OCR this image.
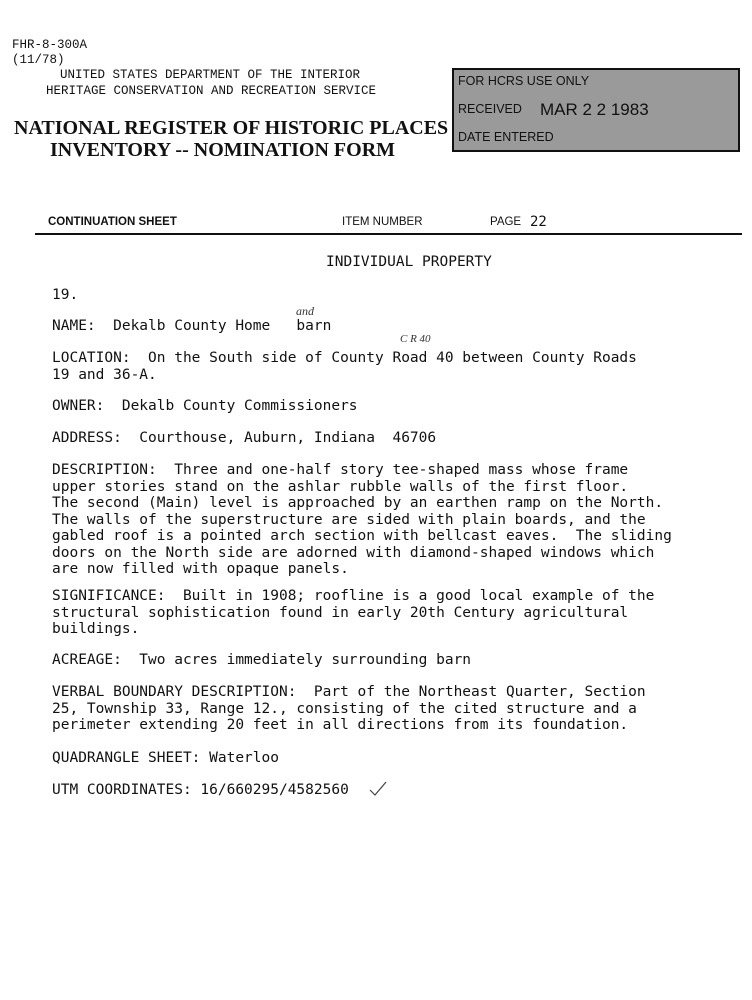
FHR-8-300A
(11/78)
UNITED STATES DEPARTMENT OF THE INTERIOR
HERITAGE CONSERVATION AND RECREATION SERVICE
NATIONAL REGISTER OF HISTORIC PLACES
INVENTORY -- NOMINATION FORM
FOR HCRS USE ONLY
RECEIVED MAR 2 2 1983
DATE ENTERED
CONTINUATION SHEET	ITEM NUMBER	PAGE 22
INDIVIDUAL PROPERTY
19.
NAME:  Dekalb County Home   barn
and
C R 40
LOCATION:  On the South side of County Road 40 between County Roads
19 and 36-A.
OWNER:  Dekalb County Commissioners
ADDRESS:  Courthouse, Auburn, Indiana  46706
DESCRIPTION:  Three and one-half story tee-shaped mass whose frame
upper stories stand on the ashlar rubble walls of the first floor.
The second (Main) level is approached by an earthen ramp on the North.
The walls of the superstructure are sided with plain boards, and the
gabled roof is a pointed arch section with bellcast eaves.  The sliding
doors on the North side are adorned with diamond-shaped windows which
are now filled with opaque panels.
SIGNIFICANCE:  Built in 1908; roofline is a good local example of the
structural sophistication found in early 20th Century agricultural
buildings.
ACREAGE:  Two acres immediately surrounding barn
VERBAL BOUNDARY DESCRIPTION:  Part of the Northeast Quarter, Section
25, Township 33, Range 12., consisting of the cited structure and a
perimeter extending 20 feet in all directions from its foundation.
QUADRANGLE SHEET: Waterloo
UTM COORDINATES: 16/660295/4582560
